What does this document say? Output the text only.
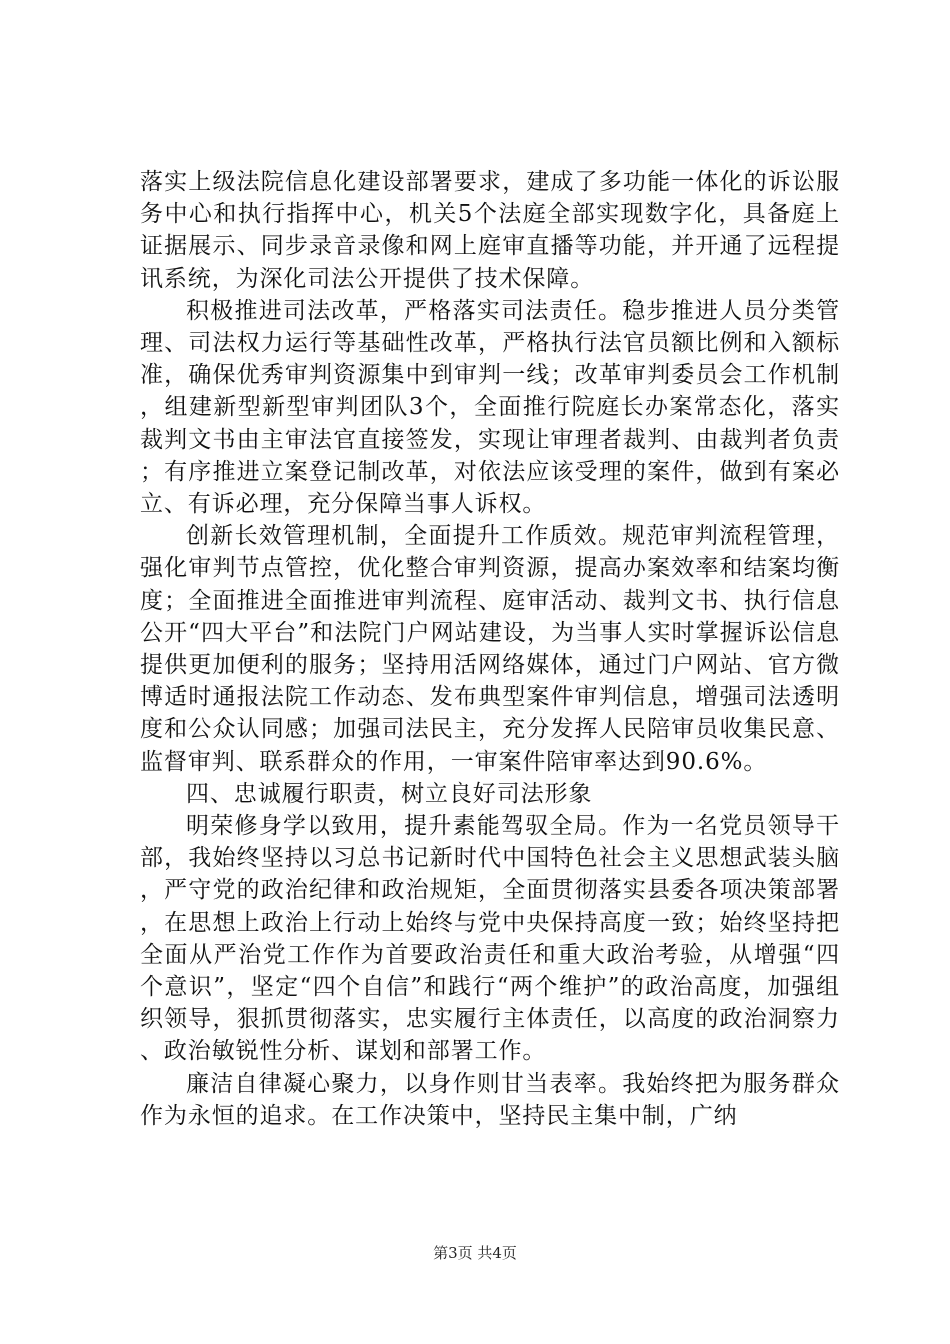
落实上级法院信息化建设部署要求，建成了多功能一体化的诉讼服务中心和执行指挥中心，机关5个法庭全部实现数字化，具备庭上证据展示、同步录音录像和网上庭审直播等功能，并开通了远程提讯系统，为深化司法公开提供了技术保障。

积极推进司法改革，严格落实司法责任。稳步推进人员分类管理、司法权力运行等基础性改革，严格执行法官员额比例和入额标准，确保优秀审判资源集中到审判一线；改革审判委员会工作机制，组建新型新型审判团队3个，全面推行院庭长办案常态化，落实裁判文书由主审法官直接签发，实现让审理者裁判、由裁判者负责；有序推进立案登记制改革，对依法应该受理的案件，做到有案必立、有诉必理，充分保障当事人诉权。

创新长效管理机制，全面提升工作质效。规范审判流程管理，强化审判节点管控，优化整合审判资源，提高办案效率和结案均衡度；全面推进全面推进审判流程、庭审活动、裁判文书、执行信息公开“四大平台”和法院门户网站建设，为当事人实时掌握诉讼信息提供更加便利的服务；坚持用活网络媒体，通过门户网站、官方微博适时通报法院工作动态、发布典型案件审判信息，增强司法透明度和公众认同感；加强司法民主，充分发挥人民陪审员收集民意、监督审判、联系群众的作用，一审案件陪审率达到90.6%。

四、忠诚履行职责，树立良好司法形象

明荣修身学以致用，提升素能驾驭全局。作为一名党员领导干部，我始终坚持以习总书记新时代中国特色社会主义思想武装头脑，严守党的政治纪律和政治规矩，全面贯彻落实县委各项决策部署，在思想上政治上行动上始终与党中央保持高度一致；始终坚持把全面从严治党工作作为首要政治责任和重大政治考验，从增强“四个意识”，坚定“四个自信”和践行“两个维护”的政治高度，加强组织领导，狠抓贯彻落实，忠实履行主体责任，以高度的政治洞察力、政治敏锐性分析、谋划和部署工作。

廉洁自律凝心聚力，以身作则甘当表率。我始终把为服务群众作为永恒的追求。在工作决策中，坚持民主集中制，广纳

第3页 共4页
